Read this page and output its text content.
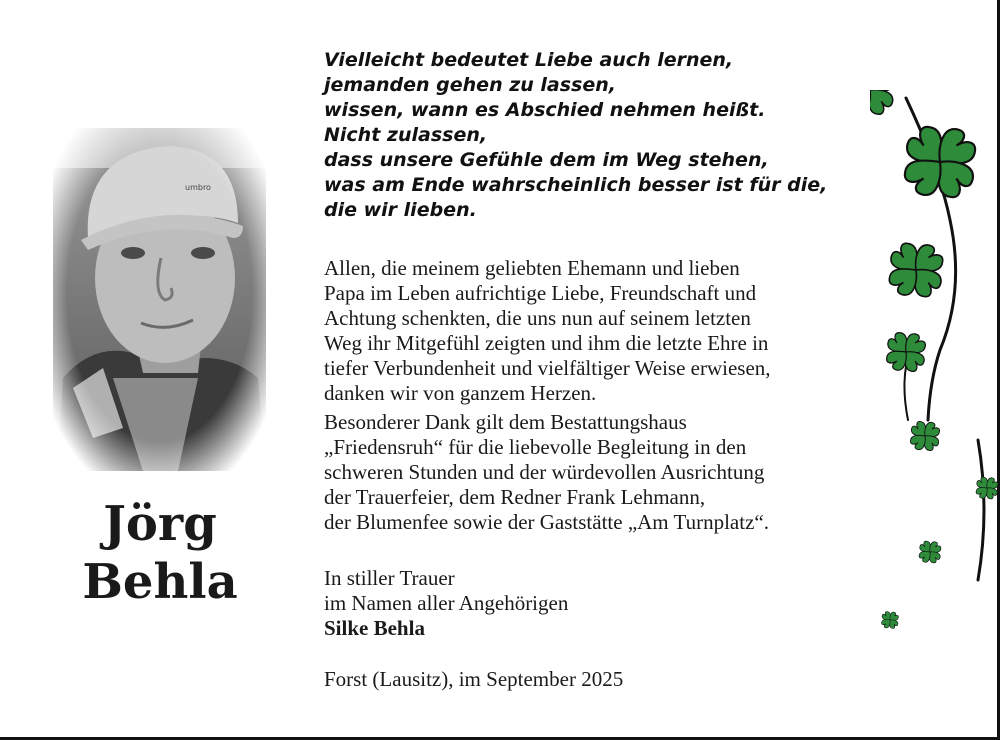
Jörg
Behla
Vielleicht bedeutet Liebe auch lernen,
jemanden gehen zu lassen,
wissen, wann es Abschied nehmen heißt.
Nicht zulassen,
dass unsere Gefühle dem im Weg stehen,
was am Ende wahrscheinlich besser ist für die,
die wir lieben.
Allen, die meinem geliebten Ehemann und lieben
Papa im Leben aufrichtige Liebe, Freundschaft und
Achtung schenkten, die uns nun auf seinem letzten
Weg ihr Mitgefühl zeigten und ihm die letzte Ehre in
tiefer Verbundenheit und vielfältiger Weise erwiesen,
danken wir von ganzem Herzen.
Besonderer Dank gilt dem Bestattungshaus
„Friedensruh“ für die liebevolle Begleitung in den
schweren Stunden und der würdevollen Ausrichtung
der Trauerfeier, dem Redner Frank Lehmann,
der Blumenfee sowie der Gaststätte „Am Turnplatz“.
In stiller Trauer
im Namen aller Angehörigen
Silke Behla
Forst (Lausitz), im September 2025
